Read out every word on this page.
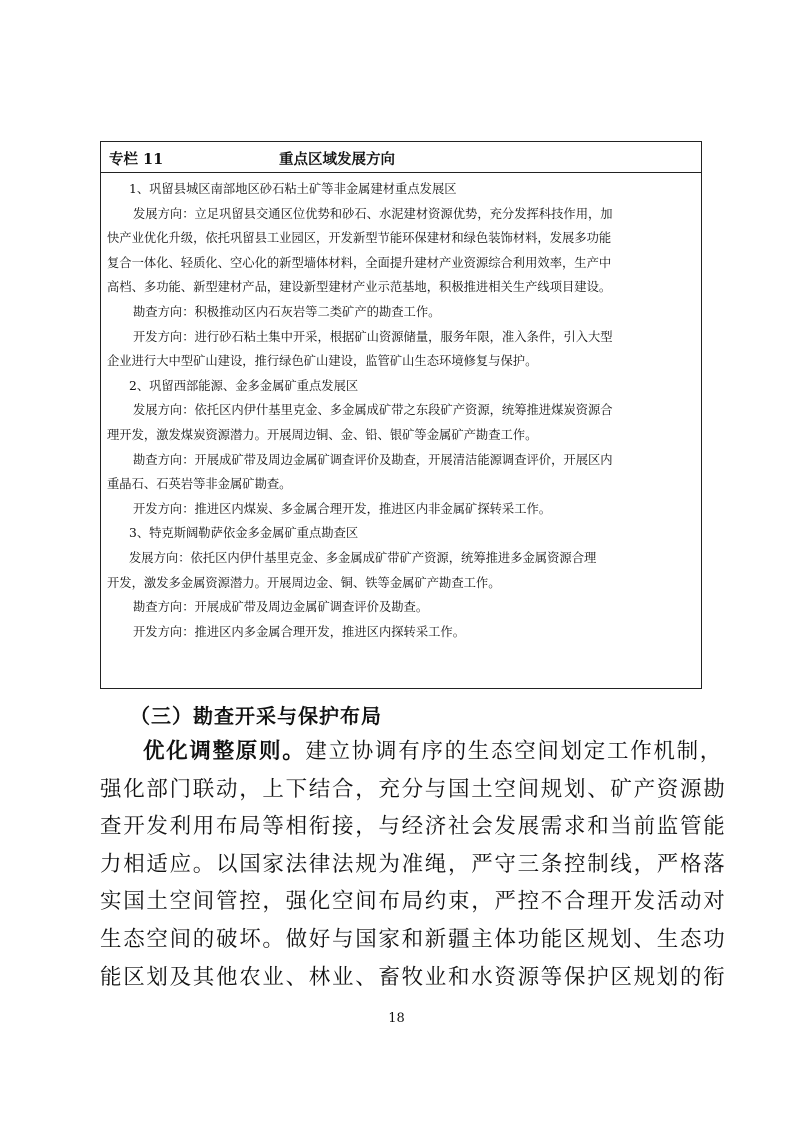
专栏 11	重点区域发展方向
1、巩留县城区南部地区砂石粘土矿等非金属建材重点发展区
发展方向：立足巩留县交通区位优势和砂石、水泥建材资源优势，充分发挥科技作用，加
快产业优化升级，依托巩留县工业园区，开发新型节能环保建材和绿色装饰材料，发展多功能
复合一体化、轻质化、空心化的新型墙体材料，全面提升建材产业资源综合利用效率，生产中
高档、多功能、新型建材产品，建设新型建材产业示范基地，积极推进相关生产线项目建设。
勘查方向：积极推动区内石灰岩等二类矿产的勘查工作。
开发方向：进行砂石粘土集中开采，根据矿山资源储量，服务年限，准入条件，引入大型
企业进行大中型矿山建设，推行绿色矿山建设，监管矿山生态环境修复与保护。
2、巩留西部能源、金多金属矿重点发展区
发展方向：依托区内伊什基里克金、多金属成矿带之东段矿产资源，统筹推进煤炭资源合
理开发，激发煤炭资源潜力。开展周边铜、金、铅、银矿等金属矿产勘查工作。
勘查方向：开展成矿带及周边金属矿调查评价及勘查，开展清洁能源调查评价，开展区内
重晶石、石英岩等非金属矿勘查。
开发方向：推进区内煤炭、多金属合理开发，推进区内非金属矿探转采工作。
3、特克斯阔勒萨依金多金属矿重点勘查区
发展方向：依托区内伊什基里克金、多金属成矿带矿产资源，统筹推进多金属资源合理
开发，激发多金属资源潜力。开展周边金、铜、铁等金属矿产勘查工作。
勘查方向：开展成矿带及周边金属矿调查评价及勘查。
开发方向：推进区内多金属合理开发，推进区内探转采工作。
（三）勘查开采与保护布局
优化调整原则。建立协调有序的生态空间划定工作机制，
强化部门联动，上下结合，充分与国土空间规划、矿产资源勘
查开发利用布局等相衔接，与经济社会发展需求和当前监管能
力相适应。以国家法律法规为准绳，严守三条控制线，严格落
实国土空间管控，强化空间布局约束，严控不合理开发活动对
生态空间的破坏。做好与国家和新疆主体功能区规划、生态功
能区划及其他农业、林业、畜牧业和水资源等保护区规划的衔
18
